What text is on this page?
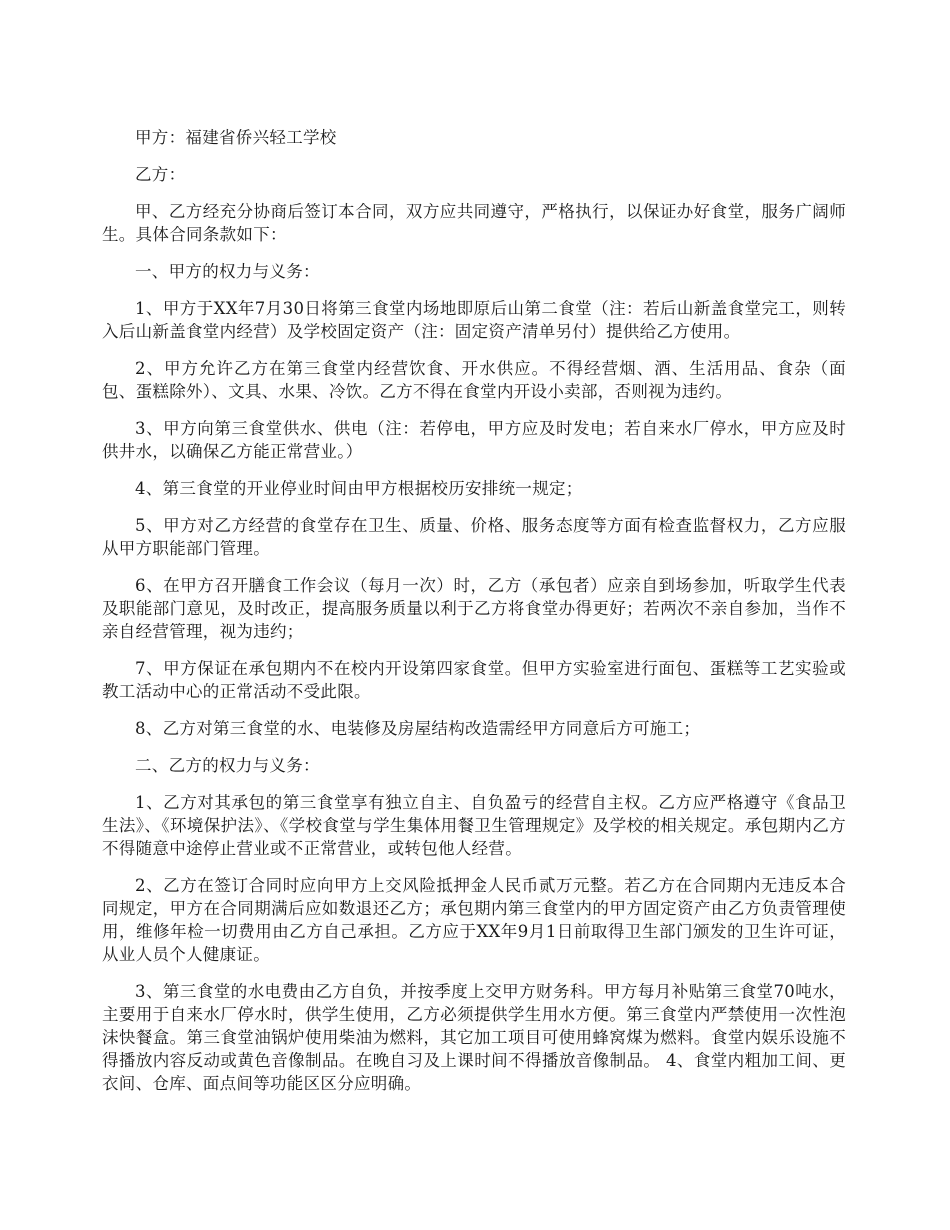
甲方：福建省侨兴轻工学校

乙方：

甲、乙方经充分协商后签订本合同，双方应共同遵守，严格执行，以保证办好食堂，服务广阔师生。具体合同条款如下：

一、甲方的权力与义务：

1、甲方于XX年7月30日将第三食堂内场地即原后山第二食堂（注：若后山新盖食堂完工，则转入后山新盖食堂内经营）及学校固定资产（注：固定资产清单另付）提供给乙方使用。

2、甲方允许乙方在第三食堂内经营饮食、开水供应。不得经营烟、酒、生活用品、食杂（面包、蛋糕除外）、文具、水果、冷饮。乙方不得在食堂内开设小卖部，否则视为违约。

3、甲方向第三食堂供水、供电（注：若停电，甲方应及时发电；若自来水厂停水，甲方应及时供井水，以确保乙方能正常营业。）

4、第三食堂的开业停业时间由甲方根据校历安排统一规定；

5、甲方对乙方经营的食堂存在卫生、质量、价格、服务态度等方面有检查监督权力，乙方应服从甲方职能部门管理。

6、在甲方召开膳食工作会议（每月一次）时，乙方（承包者）应亲自到场参加，听取学生代表及职能部门意见，及时改正，提高服务质量以利于乙方将食堂办得更好；若两次不亲自参加，当作不亲自经营管理，视为违约；

7、甲方保证在承包期内不在校内开设第四家食堂。但甲方实验室进行面包、蛋糕等工艺实验或教工活动中心的正常活动不受此限。

8、乙方对第三食堂的水、电装修及房屋结构改造需经甲方同意后方可施工；

二、乙方的权力与义务：

1、乙方对其承包的第三食堂享有独立自主、自负盈亏的经营自主权。乙方应严格遵守《食品卫生法》、《环境保护法》、《学校食堂与学生集体用餐卫生管理规定》及学校的相关规定。承包期内乙方不得随意中途停止营业或不正常营业，或转包他人经营。

2、乙方在签订合同时应向甲方上交风险抵押金人民币贰万元整。若乙方在合同期内无违反本合同规定，甲方在合同期满后应如数退还乙方；承包期内第三食堂内的甲方固定资产由乙方负责管理使用，维修年检一切费用由乙方自己承担。乙方应于XX年9月1日前取得卫生部门颁发的卫生许可证，从业人员个人健康证。

3、第三食堂的水电费由乙方自负，并按季度上交甲方财务科。甲方每月补贴第三食堂70吨水，主要用于自来水厂停水时，供学生使用，乙方必须提供学生用水方便。第三食堂内严禁使用一次性泡沫快餐盒。第三食堂油锅炉使用柴油为燃料，其它加工项目可使用蜂窝煤为燃料。食堂内娱乐设施不得播放内容反动或黄色音像制品。在晚自习及上课时间不得播放音像制品。 4、食堂内粗加工间、更衣间、仓库、面点间等功能区区分应明确。
